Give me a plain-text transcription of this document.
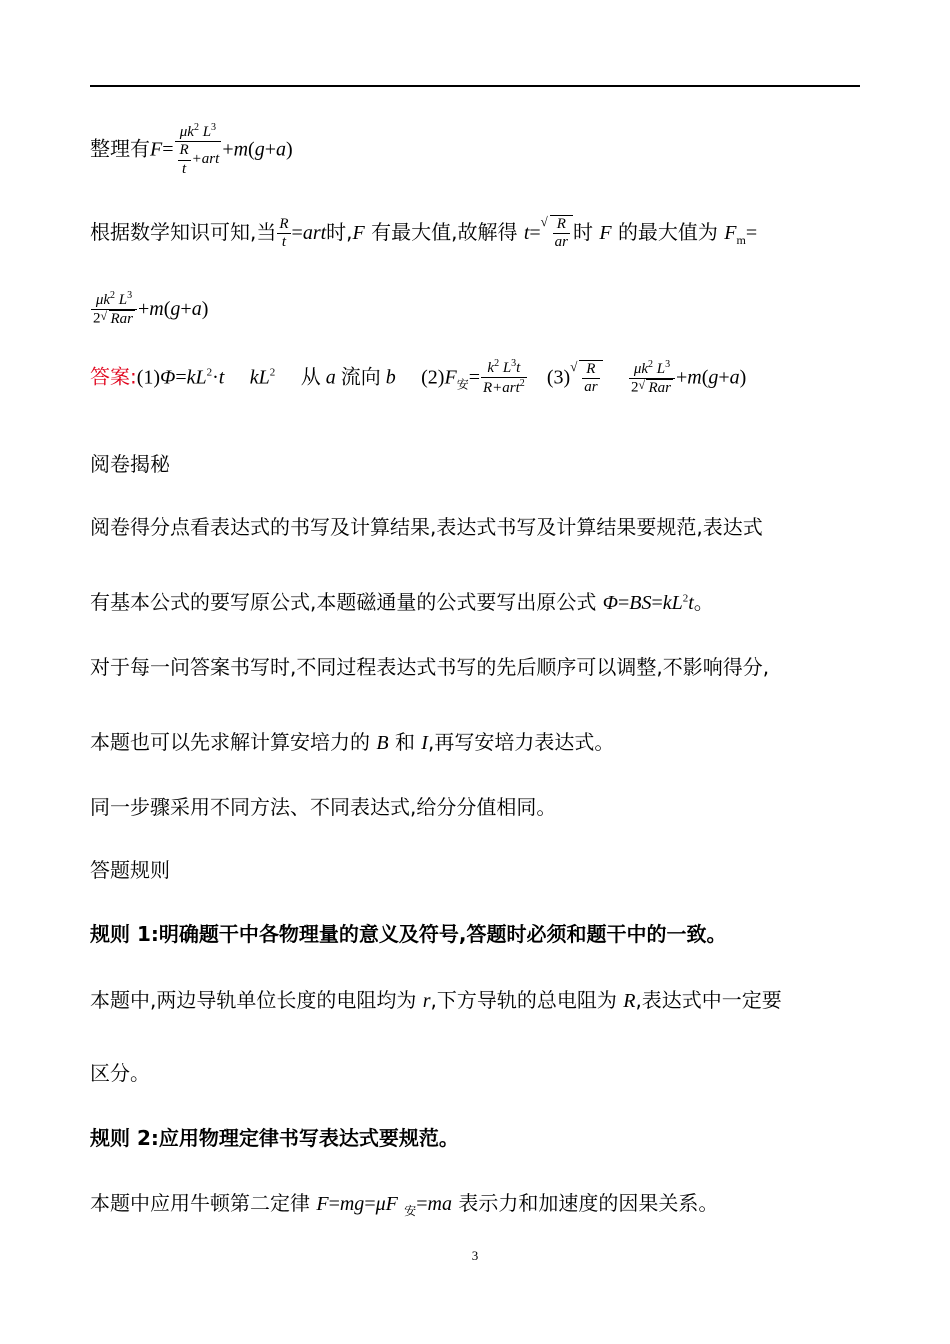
整理有$F= \frac{\mu k^2 L^3}{\frac{R}{t} +art} +m(g+a)$
根据数学知识可知,当 $\frac{R}{t} =art$时,F 有最大值,故解得 t=
√ $\frac{R}{ar}$ 时 F 的最大值为 $F_m=$
$\frac{\mu k^2 L^3}{\text{2 √ Rar}} +m(g+a)$
答案$:(1)\Phi=kL^2\cdot t$ $kL^2$ 从 a 流向 b $(2)F_安= \frac{k^2 L^3t}{R+art^2} (3)$
√ $\frac{R}{ar}$
$\frac{\mu k^2 L^3}{\text{2 √ Rar}} +m(g+a)$
阅卷揭秘
阅卷得分点看表达式的书写及计算结果,表达式书写及计算结果要规范,表达式
有基本公式的要写原公式,本题磁通量的公式要写出原公式 $\Phi=BS=kL^2t$。
对于每一问答案书写时,不同过程表达式书写的先后顺序可以调整,不影响得分,
本题也可以先求解计算安培力的 B 和 I,再写安培力表达式。
同一步骤采用不同方法、不同表达式,给分分值相同。
答题规则
规则 1:明确题干中各物理量的意义及符号,答题时必须和题干中的一致。
本题中,两边导轨单位长度的电阻均为 r,下方导轨的总电阻为 R,表达式中一定要
区分。
规则 2:应用物理定律书写表达式要规范。
本题中应用牛顿第二定律 F=mg=μF $_安$=ma 表示力和加速度的因果关系。
3
